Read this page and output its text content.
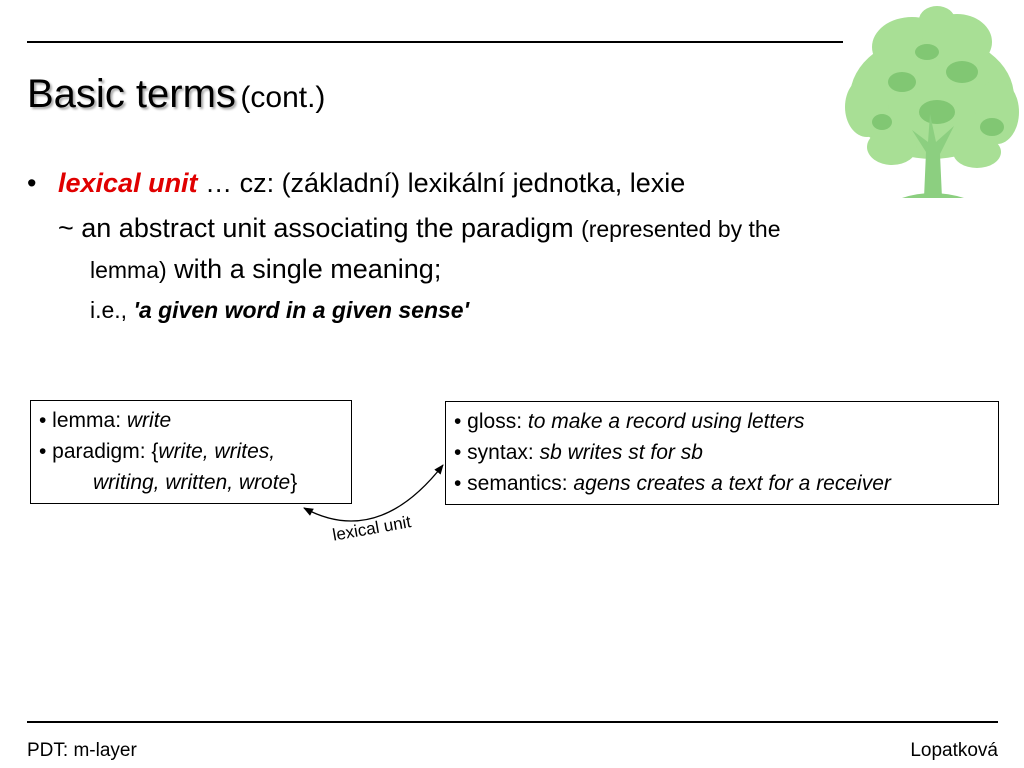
Basic terms (cont.)
• lexical unit … cz: (základní) lexikální jednotka, lexie
~ an abstract unit associating the paradigm (represented by the
lemma) with a single meaning;
i.e., 'a given word in a given sense'
• lemma: write
• paradigm: {write, writes,
writing, written, wrote}
• gloss: to make a record using letters
• syntax: sb writes st for sb
• semantics: agens creates a text for a receiver
lexical unit
PDT: m-layer	Lopatková
